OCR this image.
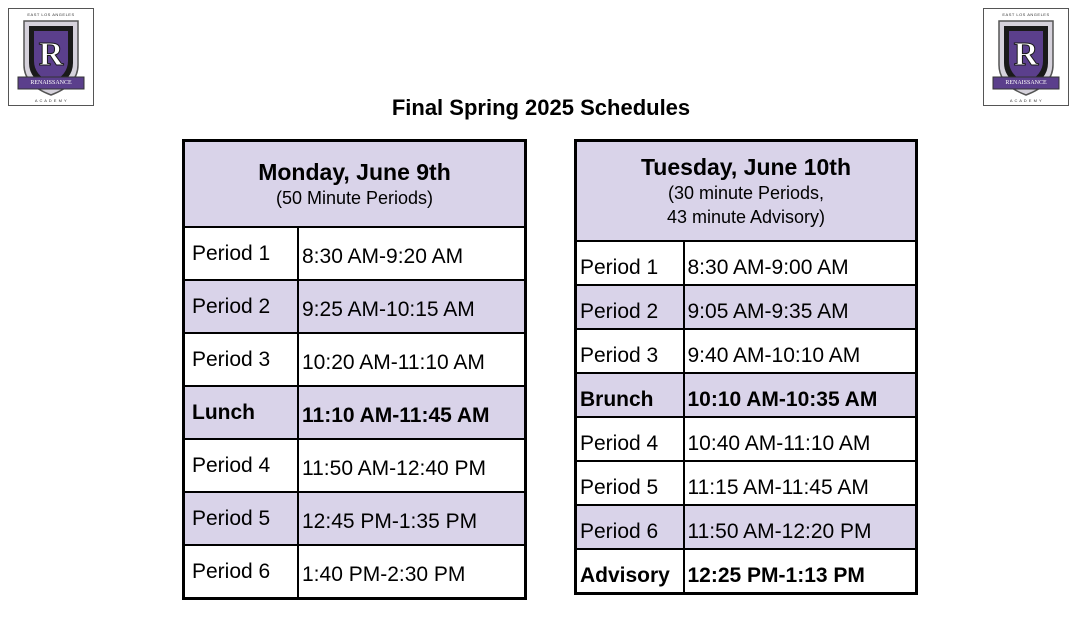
R
EAST LOS ANGELES
RENAISSANCE
A C A D E M Y
R
EAST LOS ANGELES
RENAISSANCE
A C A D E M Y
Final Spring 2025 Schedules
Monday, June 9th
(50 Minute Periods)	
Period 1	8:30 AM-9:20 AM
Period 2	9:25 AM-10:15 AM
Period 3	10:20 AM-11:10 AM
Lunch	11:10 AM-11:45 AM
Period 4	11:50 AM-12:40 PM
Period 5	12:45 PM-1:35 PM
Period 6	1:40 PM-2:30 PM
Tuesday, June 10th
(30 minute Periods,
43 minute Advisory)	

Period 1	8:30 AM-9:00 AM
Period 2	9:05 AM-9:35 AM
Period 3	9:40 AM-10:10 AM
Brunch	10:10 AM-10:35 AM
Period 4	10:40 AM-11:10 AM
Period 5	11:15 AM-11:45 AM
Period 6	11:50 AM-12:20 PM
Advisory	12:25 PM-1:13 PM
